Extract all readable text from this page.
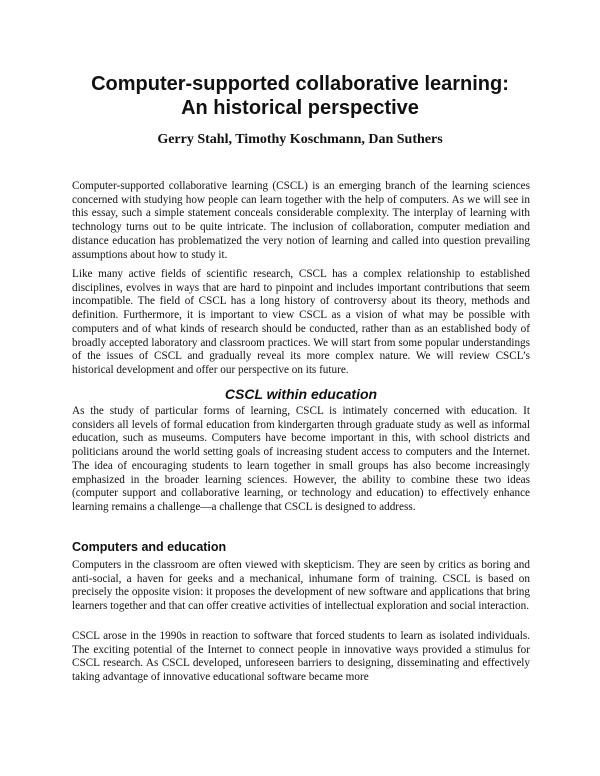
Computer-supported collaborative learning:
An historical perspective

Gerry Stahl, Timothy Koschmann, Dan Suthers

Computer-supported collaborative learning (CSCL) is an emerging branch of the learning sciences concerned with studying how people can learn together with the help of computers. As we will see in this essay, such a simple statement conceals considerable complexity. The interplay of learning with technology turns out to be quite intricate. The inclusion of collaboration, computer mediation and distance education has problematized the very notion of learning and called into question prevailing assumptions about how to study it.

Like many active fields of scientific research, CSCL has a complex relationship to established disciplines, evolves in ways that are hard to pinpoint and includes important contributions that seem incompatible. The field of CSCL has a long history of controversy about its theory, methods and definition. Furthermore, it is important to view CSCL as a vision of what may be possible with computers and of what kinds of research should be conducted, rather than as an established body of broadly accepted laboratory and classroom practices. We will start from some popular understandings of the issues of CSCL and gradually reveal its more complex nature. We will review CSCL’s historical development and offer our perspective on its future.

CSCL within education

As the study of particular forms of learning, CSCL is intimately concerned with education. It considers all levels of formal education from kindergarten through graduate study as well as informal education, such as museums. Computers have become important in this, with school districts and politicians around the world setting goals of increasing student access to computers and the Internet. The idea of encouraging students to learn together in small groups has also become increasingly emphasized in the broader learning sciences. However, the ability to combine these two ideas (computer support and collaborative learning, or technology and education) to effectively enhance learning remains a challenge—a challenge that CSCL is designed to address.

Computers and education

Computers in the classroom are often viewed with skepticism. They are seen by critics as boring and anti-social, a haven for geeks and a mechanical, inhumane form of training. CSCL is based on precisely the opposite vision: it proposes the development of new software and applications that bring learners together and that can offer creative activities of intellectual exploration and social interaction.

CSCL arose in the 1990s in reaction to software that forced students to learn as isolated individuals. The exciting potential of the Internet to connect people in innovative ways provided a stimulus for CSCL research. As CSCL developed, unforeseen barriers to designing, disseminating and effectively taking advantage of innovative educational software became more
